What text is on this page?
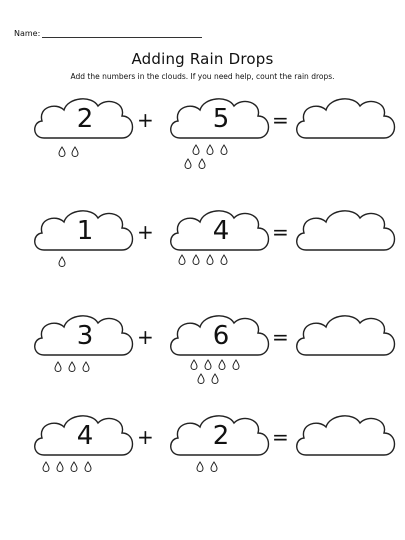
Name:
Adding Rain Drops
Add the numbers in the clouds. If you need help, count the rain drops.
2	+	5	=
1	+	4	=
3	+	6	=
4	+	2	=
